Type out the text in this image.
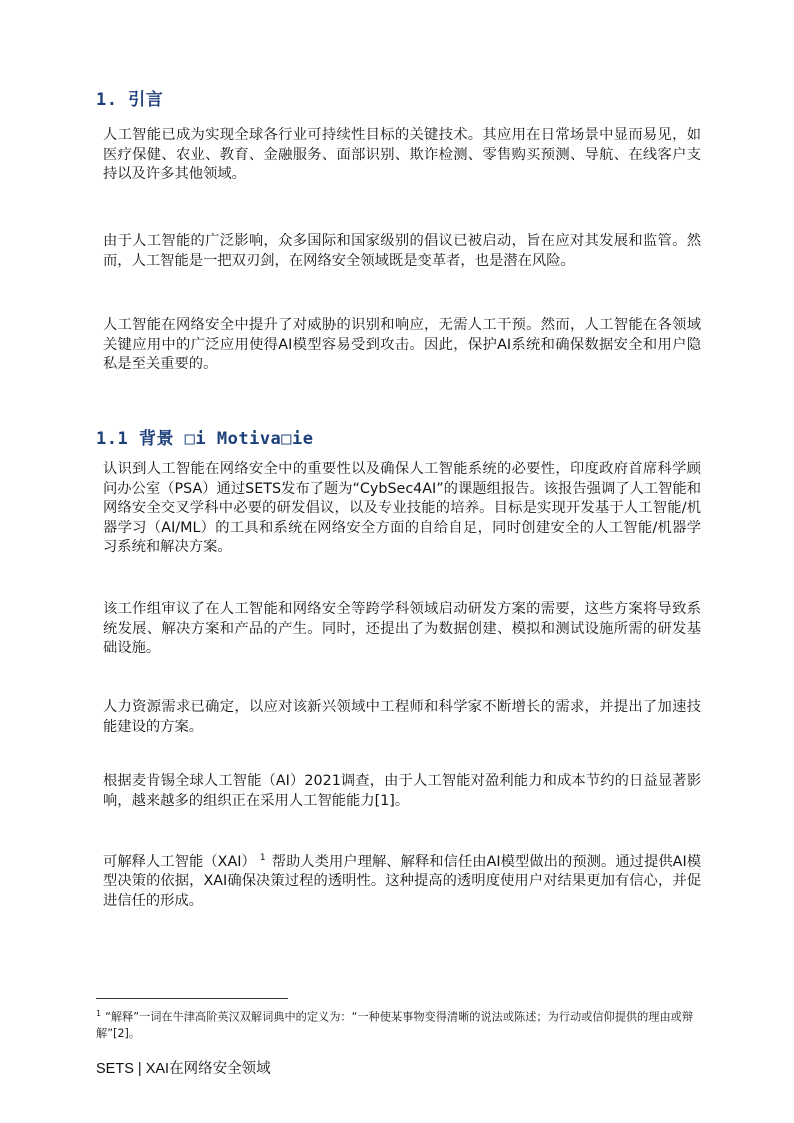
1. 引言

人工智能已成为实现全球各行业可持续性目标的关键技术。其应用在日常场景中显而易见，如医疗保健、农业、教育、金融服务、面部识别、欺诈检测、零售购买预测、导航、在线客户支持以及许多其他领域。

由于人工智能的广泛影响，众多国际和国家级别的倡议已被启动，旨在应对其发展和监管。然而，人工智能是一把双刃剑，在网络安全领域既是变革者，也是潜在风险。

人工智能在网络安全中提升了对威胁的识别和响应，无需人工干预。然而，人工智能在各领域关键应用中的广泛应用使得AI模型容易受到攻击。因此，保护AI系统和确保数据安全和用户隐私是至关重要的。

1.1 背景 □i Motiva□ie

认识到人工智能在网络安全中的重要性以及确保人工智能系统的必要性，印度政府首席科学顾问办公室（PSA）通过SETS发布了题为“CybSec4AI”的课题组报告。该报告强调了人工智能和网络安全交叉学科中必要的研发倡议，以及专业技能的培养。目标是实现开发基于人工智能/机器学习（AI/ML）的工具和系统在网络安全方面的自给自足，同时创建安全的人工智能/机器学习系统和解决方案。

该工作组审议了在人工智能和网络安全等跨学科领域启动研发方案的需要，这些方案将导致系统发展、解决方案和产品的产生。同时，还提出了为数据创建、模拟和测试设施所需的研发基础设施。

人力资源需求已确定，以应对该新兴领域中工程师和科学家不断增长的需求，并提出了加速技能建设的方案。

根据麦肯锡全球人工智能（AI）2021调查，由于人工智能对盈利能力和成本节约的日益显著影响，越来越多的组织正在采用人工智能能力[1]。

可解释人工智能（XAI） $^1$ 帮助人类用户理解、解释和信任由AI模型做出的预测。通过提供AI模型决策的依据，XAI确保决策过程的透明性。这种提高的透明度使用户对结果更加有信心，并促进信任的形成。

$^1$ “解释”一词在牛津高阶英汉双解词典中的定义为：“一种使某事物变得清晰的说法或陈述；为行动或信仰提供的理由或辩解”[2]。

SETS | XAI在网络安全领域
